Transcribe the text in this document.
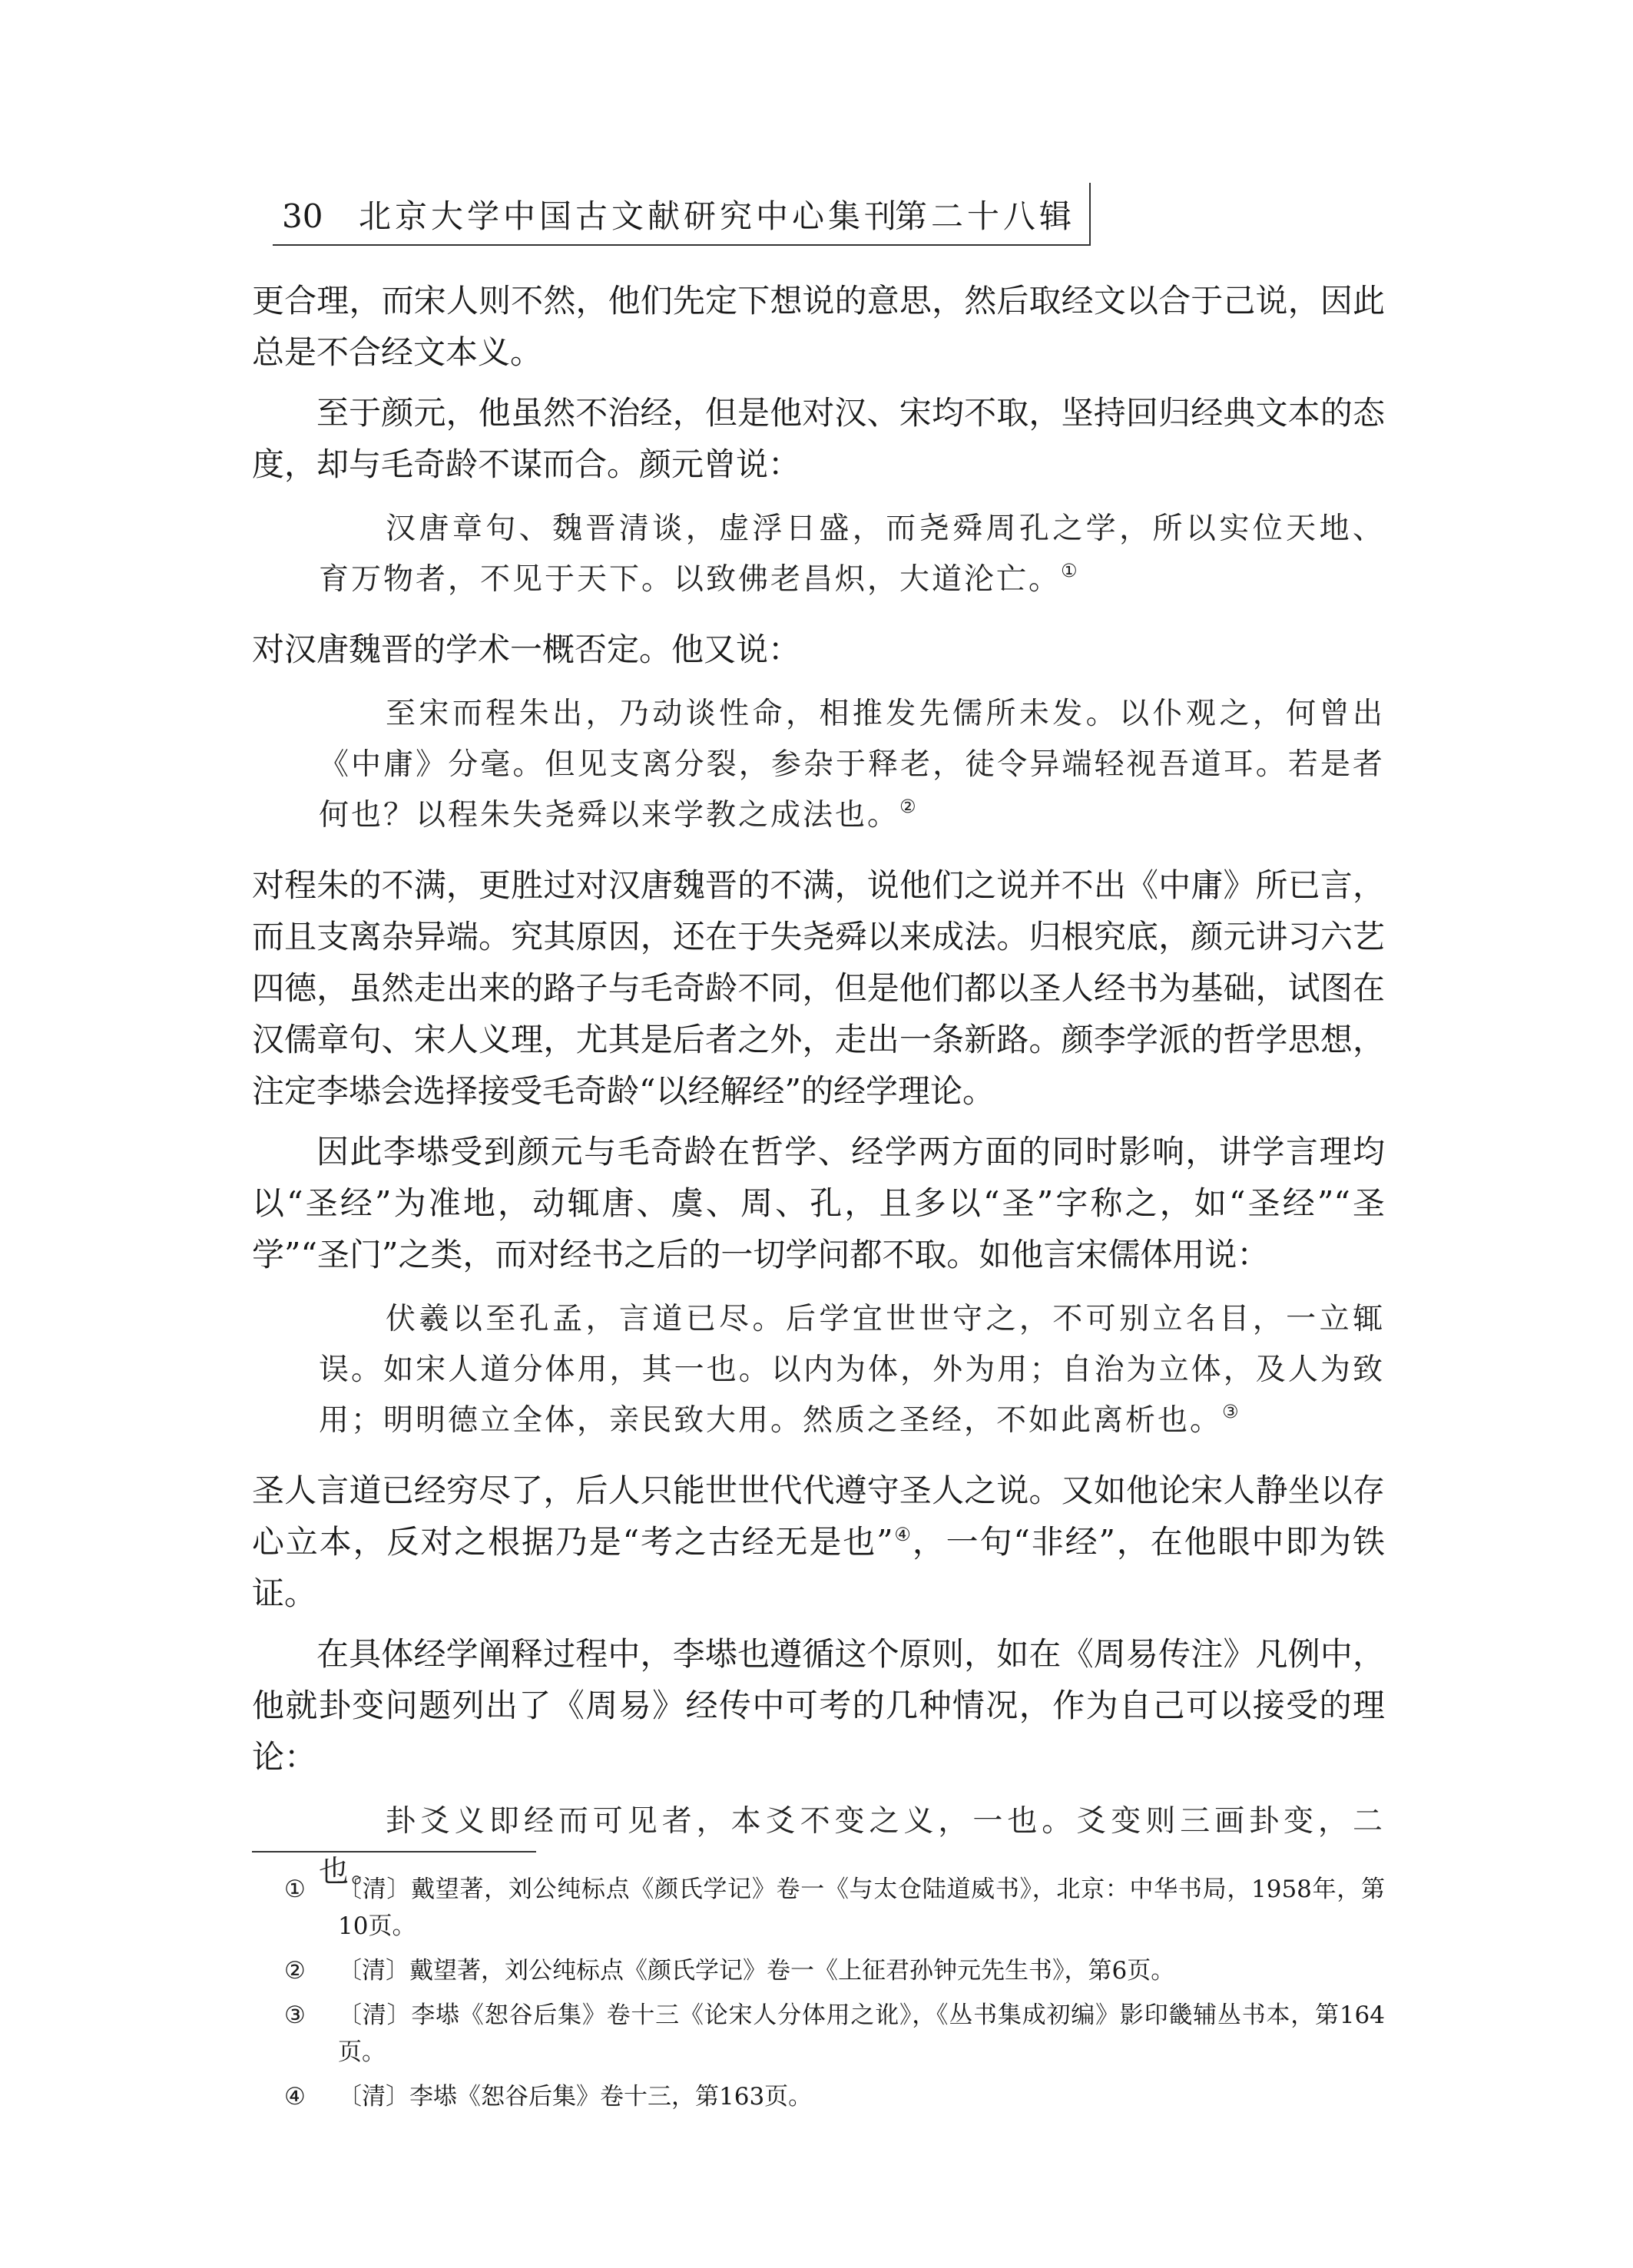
30 北京大学中国古文献研究中心集刊
第二十八辑

更合理，而宋人则不然，他们先定下想说的意思，然后取经文以合于己说，因此总是不合经文本义。

至于颜元，他虽然不治经，但是他对汉、宋均不取，坚持回归经典文本的态度，却与毛奇龄不谋而合。颜元曾说：

汉唐章句、魏晋清谈，虚浮日盛，而尧舜周孔之学，所以实位天地、育万物者，不见于天下。以致佛老昌炽，大道沦亡。①

对汉唐魏晋的学术一概否定。他又说：

至宋而程朱出，乃动谈性命，相推发先儒所未发。以仆观之，何曾出《中庸》分毫。但见支离分裂，参杂于释老，徒令异端轻视吾道耳。若是者何也？以程朱失尧舜以来学教之成法也。②

对程朱的不满，更胜过对汉唐魏晋的不满，说他们之说并不出《中庸》所已言，而且支离杂异端。究其原因，还在于失尧舜以来成法。归根究底，颜元讲习六艺四德，虽然走出来的路子与毛奇龄不同，但是他们都以圣人经书为基础，试图在汉儒章句、宋人义理，尤其是后者之外，走出一条新路。颜李学派的哲学思想，注定李塨会选择接受毛奇龄“以经解经”的经学理论。

因此李塨受到颜元与毛奇龄在哲学、经学两方面的同时影响，讲学言理均以“圣经”为准地，动辄唐、虞、周、孔，且多以“圣”字称之，如“圣经”“圣学”“圣门”之类，而对经书之后的一切学问都不取。如他言宋儒体用说：

伏羲以至孔孟，言道已尽。后学宜世世守之，不可别立名目，一立辄误。如宋人道分体用，其一也。以内为体，外为用；自治为立体，及人为致用；明明德立全体，亲民致大用。然质之圣经，不如此离析也。③

圣人言道已经穷尽了，后人只能世世代代遵守圣人之说。又如他论宋人静坐以存心立本，反对之根据乃是“考之古经无是也”④，一句“非经”，在他眼中即为铁证。

在具体经学阐释过程中，李塨也遵循这个原则，如在《周易传注》凡例中，他就卦变问题列出了《周易》经传中可考的几种情况，作为自己可以接受的理论：

卦爻义即经而可见者，本爻不变之义，一也。爻变则三画卦变，二也。
① 〔清〕戴望著，刘公纯标点《颜氏学记》卷一《与太仓陆道威书》，北京：中华书局，1958年，第10页。
② 〔清〕戴望著，刘公纯标点《颜氏学记》卷一《上征君孙钟元先生书》，第6页。
③ 〔清〕李塨《恕谷后集》卷十三《论宋人分体用之讹》，《丛书集成初编》影印畿辅丛书本，第164页。
④ 〔清〕李塨《恕谷后集》卷十三，第163页。
